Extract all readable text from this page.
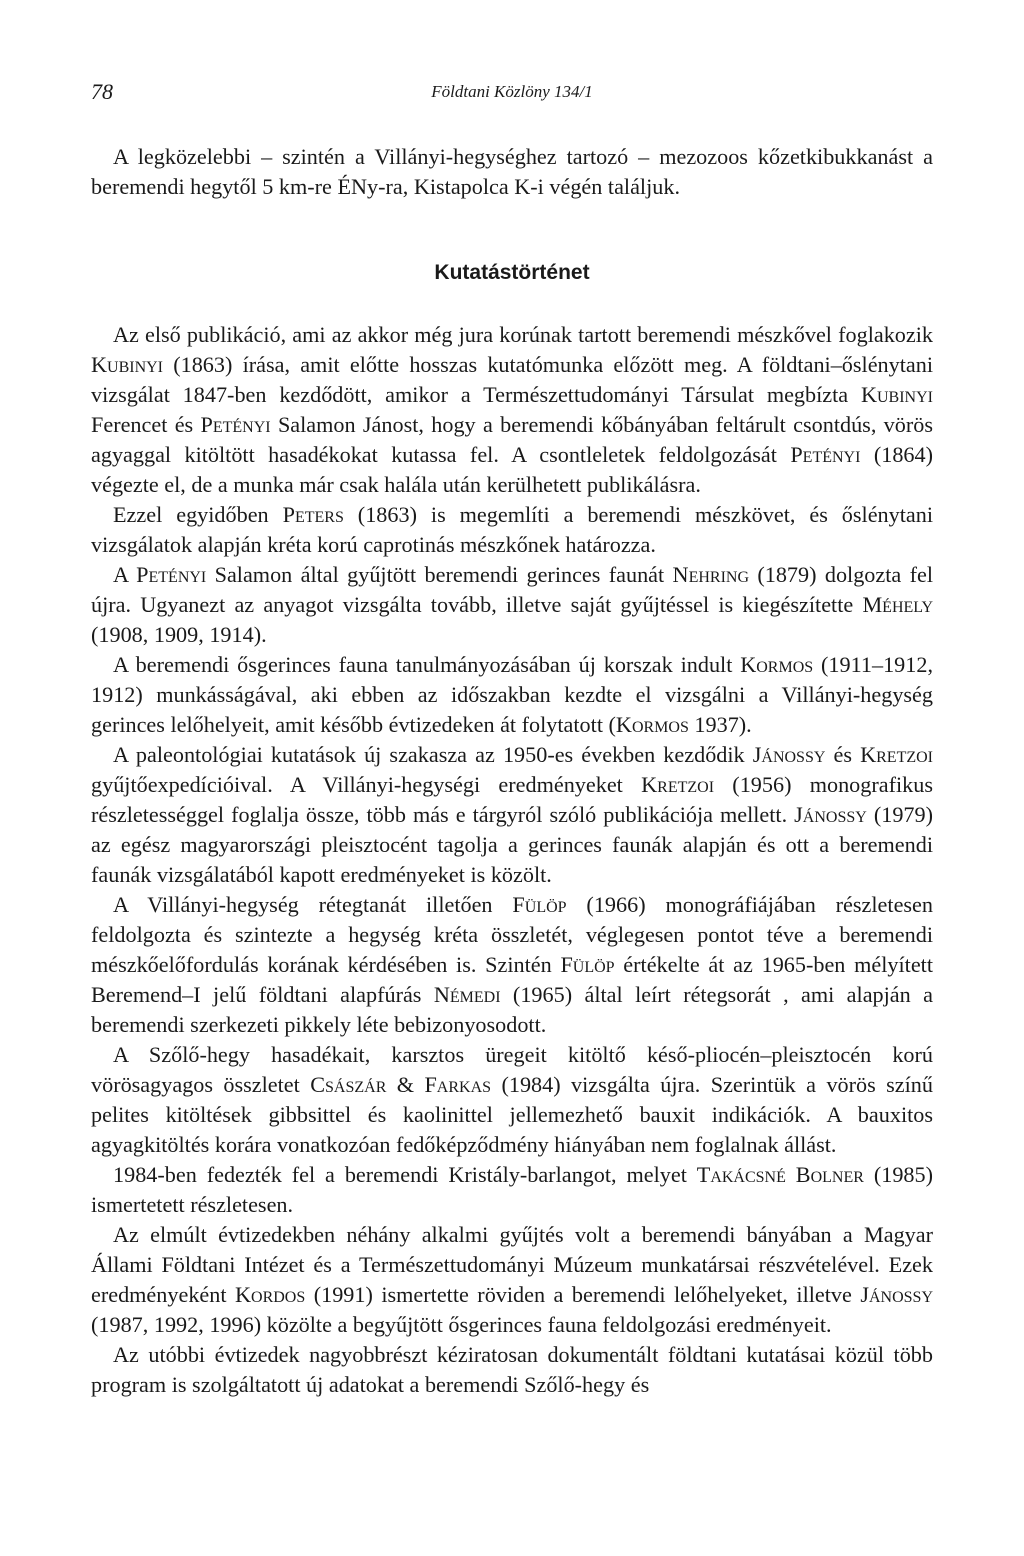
78	Földtani Közlöny 134/1

A legközelebbi – szintén a Villányi-hegységhez tartozó – mezozoos kőzetkibukkanást a beremendi hegytől 5 km-re ÉNy-ra, Kistapolca K-i végén találjuk.

Kutatástörténet

Az első publikáció, ami az akkor még jura korúnak tartott beremendi mészkővel foglakozik Kubinyi (1863) írása, amit előtte hosszas kutatómunka előzött meg. A földtani–őslénytani vizsgálat 1847-ben kezdődött, amikor a Természettudományi Társulat megbízta Kubinyi Ferencet és Petényi Salamon Jánost, hogy a beremendi kőbányában feltárult csontdús, vörös agyaggal kitöltött hasadékokat kutassa fel. A csontleletek feldolgozását Petényi (1864) végezte el, de a munka már csak halála után kerülhetett publikálásra.

Ezzel egyidőben Peters (1863) is megemlíti a beremendi mészkövet, és őslénytani vizsgálatok alapján kréta korú caprotinás mészkőnek határozza.

A Petényi Salamon által gyűjtött beremendi gerinces faunát Nehring (1879) dolgozta fel újra. Ugyanezt az anyagot vizsgálta tovább, illetve saját gyűjtéssel is kiegészítette Méhely (1908, 1909, 1914).

A beremendi ősgerinces fauna tanulmányozásában új korszak indult Kormos (1911–1912, 1912) munkásságával, aki ebben az időszakban kezdte el vizsgálni a Villányi-hegység gerinces lelőhelyeit, amit később évtizedeken át folytatott (Kormos 1937).

A paleontológiai kutatások új szakasza az 1950-es években kezdődik Jánossy és Kretzoi gyűjtőexpedícióival. A Villányi-hegységi eredményeket Kretzoi (1956) monografikus részletességgel foglalja össze, több más e tárgyról szóló publikációja mellett. Jánossy (1979) az egész magyarországi pleisztocént tagolja a gerinces faunák alapján és ott a beremendi faunák vizsgálatából kapott eredményeket is közölt.

A Villányi-hegység rétegtanát illetően Fülöp (1966) monográfiájában részletesen feldolgozta és szintezte a hegység kréta összletét, véglegesen pontot téve a beremendi mészkőelőfordulás korának kérdésében is. Szintén Fülöp értékelte át az 1965-ben mélyített Beremend–I jelű földtani alapfúrás Némedi (1965) által leírt rétegsorát , ami alapján a beremendi szerkezeti pikkely léte bebizonyosodott.

A Szőlő-hegy hasadékait, karsztos üregeit kitöltő késő-pliocén–pleisztocén korú vörösagyagos összletet Császár & Farkas (1984) vizsgálta újra. Szerintük a vörös színű pelites kitöltések gibbsittel és kaolinittel jellemezhető bauxit indikációk. A bauxitos agyagkitöltés korára vonatkozóan fedőképződmény hiányában nem foglalnak állást.

1984-ben fedezték fel a beremendi Kristály-barlangot, melyet Takácsné Bolner (1985) ismertetett részletesen.

Az elmúlt évtizedekben néhány alkalmi gyűjtés volt a beremendi bányában a Magyar Állami Földtani Intézet és a Természettudományi Múzeum munkatársai részvételével. Ezek eredményeként Kordos (1991) ismertette röviden a beremendi lelőhelyeket, illetve Jánossy (1987, 1992, 1996) közölte a begyűjtött ősgerinces fauna feldolgozási eredményeit.

Az utóbbi évtizedek nagyobbrészt kéziratosan dokumentált földtani kutatásai közül több program is szolgáltatott új adatokat a beremendi Szőlő-hegy és
